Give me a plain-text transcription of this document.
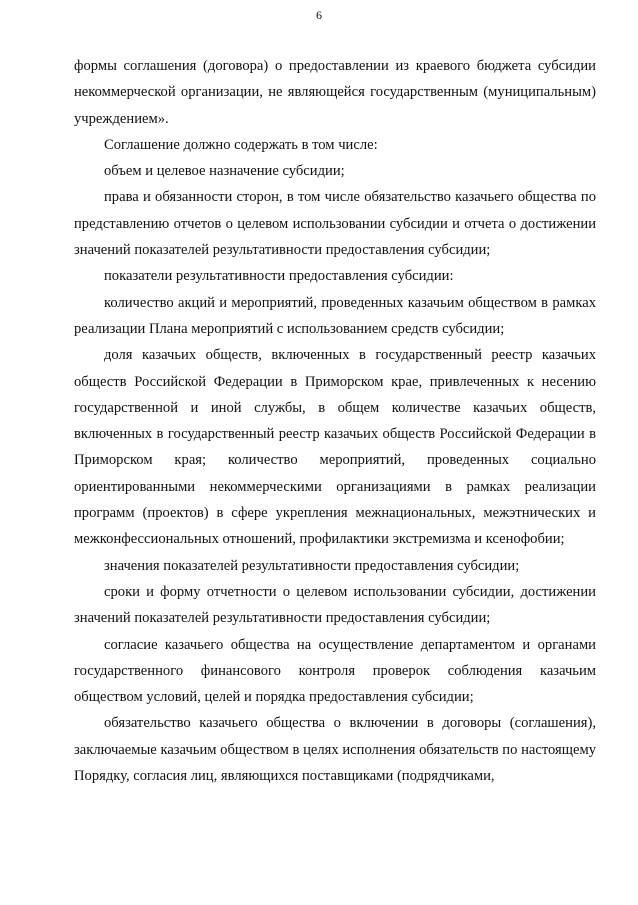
6

формы соглашения (договора) о предоставлении из краевого бюджета субсидии некоммерческой организации, не являющейся государственным (муниципальным) учреждением».

Соглашение должно содержать в том числе:

объем и целевое назначение субсидии;

права и обязанности сторон, в том числе обязательство казачьего общества по представлению отчетов о целевом использовании субсидии и отчета о достижении значений показателей результативности предоставления субсидии;

показатели результативности предоставления субсидии:

количество акций и мероприятий, проведенных казачьим обществом в рамках реализации Плана мероприятий с использованием средств субсидии;

доля казачьих обществ, включенных в государственный реестр казачьих обществ Российской Федерации в Приморском крае, привлеченных к несению государственной и иной службы, в общем количестве казачьих обществ, включенных в государственный реестр казачьих обществ Российской Федерации в Приморском края; количество мероприятий, проведенных социально ориентированными некоммерческими организациями в рамках реализации программ (проектов) в сфере укрепления межнациональных, межэтнических и межконфессиональных отношений, профилактики экстремизма и ксенофобии;

значения показателей результативности предоставления субсидии;

сроки и форму отчетности о целевом использовании субсидии, достижении значений показателей результативности предоставления субсидии;

согласие казачьего общества на осуществление департаментом и органами государственного финансового контроля проверок соблюдения казачьим обществом условий, целей и порядка предоставления субсидии;

обязательство казачьего общества о включении в договоры (соглашения), заключаемые казачьим обществом в целях исполнения обязательств по настоящему Порядку, согласия лиц, являющихся поставщиками (подрядчиками,
